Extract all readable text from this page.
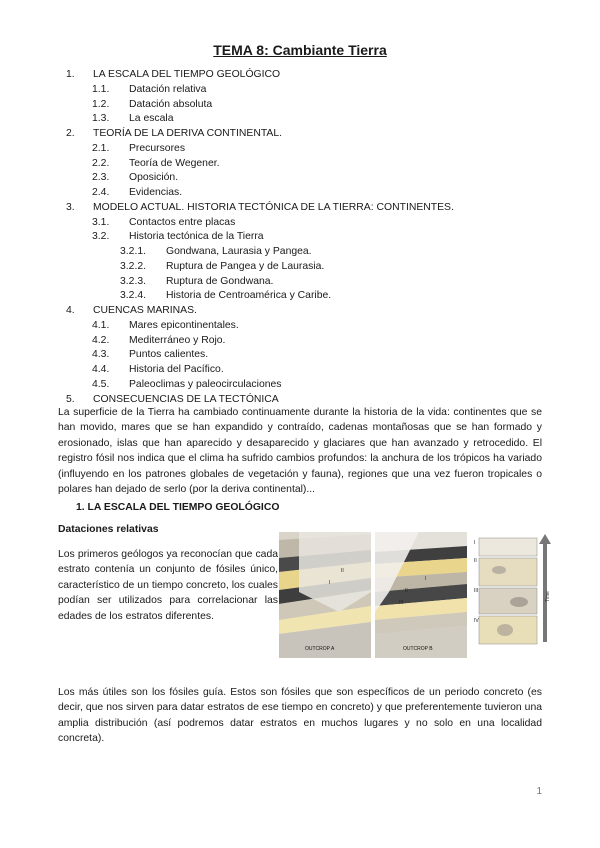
TEMA 8: Cambiante Tierra
1. LA ESCALA DEL TIEMPO GEOLÓGICO
1.1. Datación relativa
1.2. Datación absoluta
1.3. La escala
2. TEORÍA DE LA DERIVA CONTINENTAL.
2.1. Precursores
2.2. Teoría de Wegener.
2.3. Oposición.
2.4. Evidencias.
3. MODELO ACTUAL. HISTORIA TECTÓNICA DE LA TIERRA: CONTINENTES.
3.1. Contactos entre placas
3.2. Historia tectónica de la Tierra
3.2.1. Gondwana, Laurasia y Pangea.
3.2.2. Ruptura de Pangea y de Laurasia.
3.2.3. Ruptura de Gondwana.
3.2.4. Historia de Centroamérica y Caribe.
4. CUENCAS MARINAS.
4.1. Mares epicontinentales.
4.2. Mediterráneo y Rojo.
4.3. Puntos calientes.
4.4. Historia del Pacífico.
4.5. Paleoclimas y paleocirculaciones
5. CONSECUENCIAS DE LA TECTÓNICA
La superficie de la Tierra ha cambiado continuamente durante la historia de la vida: continentes que se han movido, mares que se han expandido y contraído, cadenas montañosas que se han formado y erosionado, islas que han aparecido y desaparecido y glaciares que han avanzado y retrocedido. El registro fósil nos indica que el clima ha sufrido cambios profundos: la anchura de los trópicos ha variado (influyendo en los patrones globales de vegetación y fauna), regiones que una vez fueron tropicales o polares han dejado de serlo (por la deriva continental)...
1. LA ESCALA DEL TIEMPO GEOLÓGICO
Dataciones relativas
Los primeros geólogos ya reconocían que cada estrato contenía un conjunto de fósiles único, característico de un tiempo concreto, los cuales podían ser utilizados para correlacionar las edades de los estratos diferentes.
I
II
OUTCROP A
I
II
III
OUTCROP B
I
II
III
IV
Time
Los más útiles son los fósiles guía. Estos son fósiles que son específicos de un periodo concreto (es decir, que nos sirven para datar estratos de ese tiempo en concreto) y que preferentemente tuvieron una amplia distribución (así podremos datar estratos en muchos lugares y no solo en una localidad concreta).
1
